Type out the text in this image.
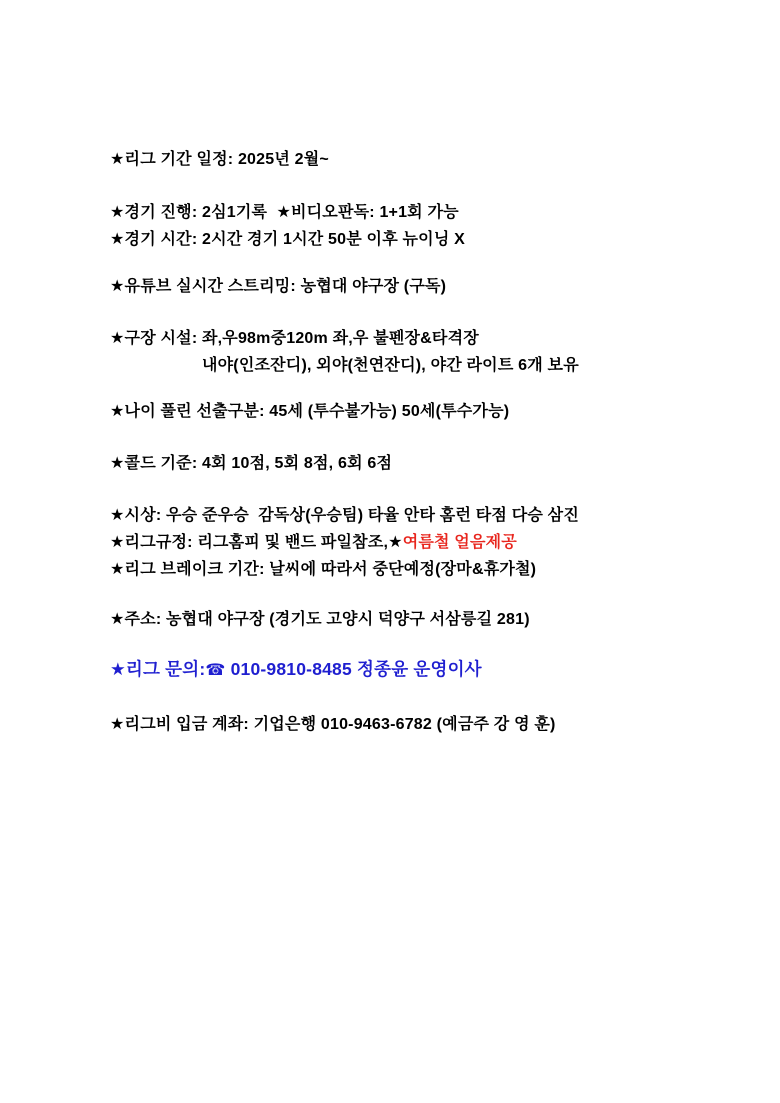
★리그 기간 일정: 2025년 2월~
★경기 진행: 2심1기록  ★비디오판독: 1+1회 가능
★경기 시간: 2시간 경기 1시간 50분 이후 뉴이닝 X
★유튜브 실시간 스트리밍: 농협대 야구장 (구독)
★구장 시설: 좌,우98m중120m 좌,우 불펜장&타격장
내야(인조잔디), 외야(천연잔디), 야간 라이트 6개 보유
★나이 풀린 선출구분: 45세 (투수불가능) 50세(투수가능)
★콜드 기준: 4회 10점, 5회 8점, 6회 6점
★시상: 우승 준우승  감독상(우승팀) 타율 안타 홈런 타점 다승 삼진
★리그규정: 리그홈피 및 밴드 파일참조,★여름철 얼음제공
★리그 브레이크 기간: 날씨에 따라서 중단예정(장마&휴가철)
★주소: 농협대 야구장 (경기도 고양시 덕양구 서삼릉길 281)
★리그 문의:☎ 010-9810-8485 정종윤 운영이사
★리그비 입금 계좌: 기업은행 010-9463-6782 (예금주 강 영 훈)
